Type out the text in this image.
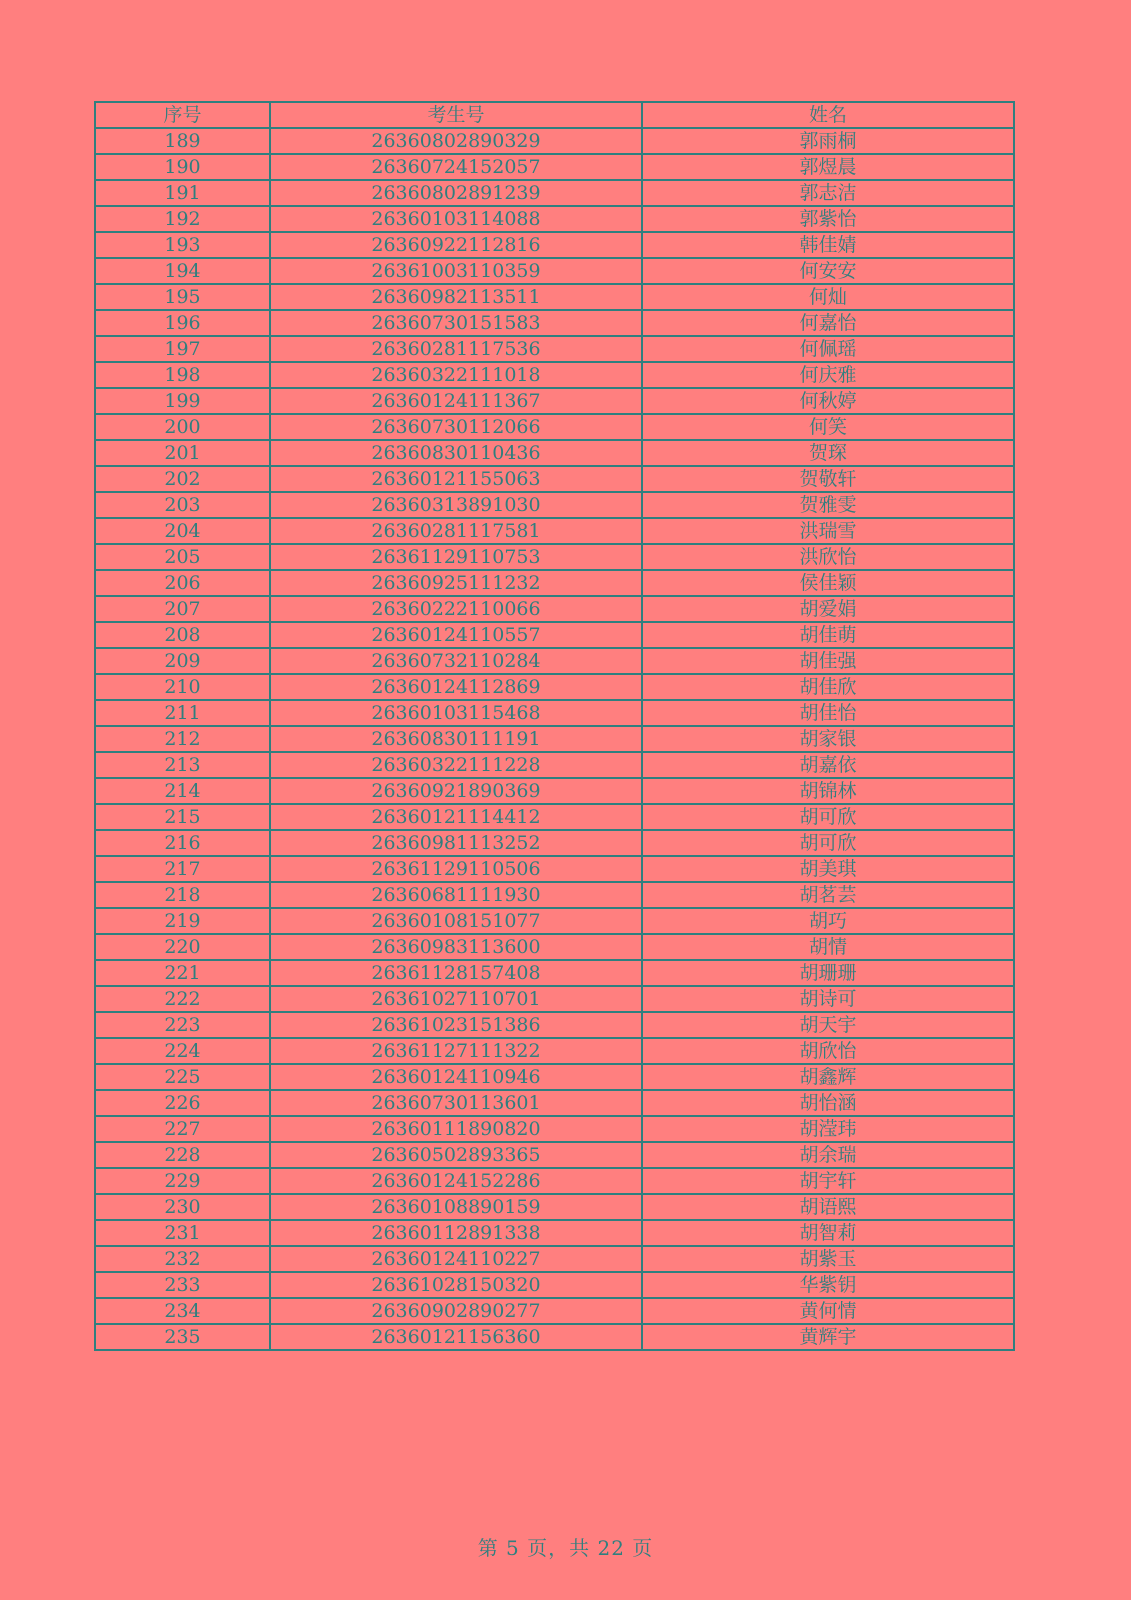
序号	考生号	姓名
189	26360802890329	郭雨桐
190	26360724152057	郭煜晨
191	26360802891239	郭志洁
192	26360103114088	郭紫怡
193	26360922112816	韩佳婧
194	26361003110359	何安安
195	26360982113511	何灿
196	26360730151583	何嘉怡
197	26360281117536	何佩瑶
198	26360322111018	何庆雅
199	26360124111367	何秋婷
200	26360730112066	何笑
201	26360830110436	贺琛
202	26360121155063	贺敬轩
203	26360313891030	贺雅雯
204	26360281117581	洪瑞雪
205	26361129110753	洪欣怡
206	26360925111232	侯佳颖
207	26360222110066	胡爱娟
208	26360124110557	胡佳萌
209	26360732110284	胡佳强
210	26360124112869	胡佳欣
211	26360103115468	胡佳怡
212	26360830111191	胡家银
213	26360322111228	胡嘉依
214	26360921890369	胡锦林
215	26360121114412	胡可欣
216	26360981113252	胡可欣
217	26361129110506	胡美琪
218	26360681111930	胡茗芸
219	26360108151077	胡巧
220	26360983113600	胡情
221	26361128157408	胡珊珊
222	26361027110701	胡诗可
223	26361023151386	胡天宇
224	26361127111322	胡欣怡
225	26360124110946	胡鑫辉
226	26360730113601	胡怡涵
227	26360111890820	胡滢玮
228	26360502893365	胡余瑞
229	26360124152286	胡宇轩
230	26360108890159	胡语熙
231	26360112891338	胡智莉
232	26360124110227	胡紫玉
233	26361028150320	华紫钥
234	26360902890277	黄何情
235	26360121156360	黄辉宇
第 5 页，共 22 页
